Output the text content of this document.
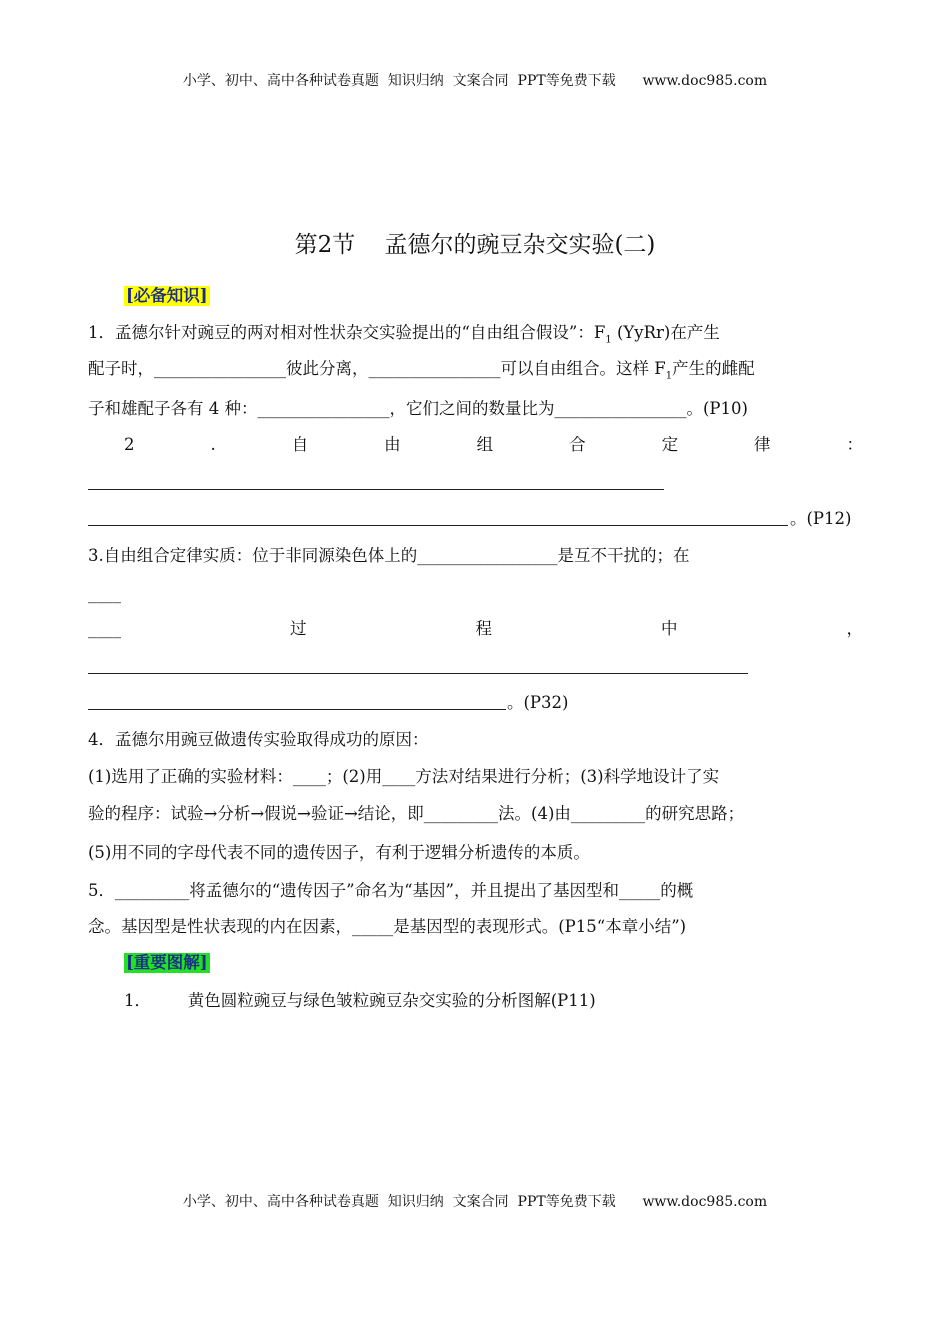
小学、初中、高中各种试卷真题  知识归纳  文案合同  PPT等免费下载      www.doc985.com
第2节    孟德尔的豌豆杂交实验(二)
[必备知识]
1．孟德尔针对豌豆的两对相对性状杂交实验提出的“自由组合假设”：$F_1$ (YyRr)在产生
配子时，________________彼此分离，________________可以自由组合。这样 $F_1$产生的雌配
子和雄配子各有 4 种：________________，它们之间的数量比为________________。(P10)
2	.	自	由	组	合	定	律	：
。(P12)
3.自由组合定律实质：位于非同源染色体上的_________________是互不干扰的；在
____
____	过	程	中	，
。(P32)
4．孟德尔用豌豆做遗传实验取得成功的原因：
(1)选用了正确的实验材料：____；(2)用____方法对结果进行分析；(3)科学地设计了实
验的程序：试验→分析→假说→验证→结论，即_________法。(4)由_________的研究思路；
(5)用不同的字母代表不同的遗传因子，有利于逻辑分析遗传的本质。
5．_________将孟德尔的“遗传因子”命名为“基因”，并且提出了基因型和_____的概
念。基因型是性状表现的内在因素，_____是基因型的表现形式。(P15“本章小结”)
[重要图解]
1．       黄色圆粒豌豆与绿色皱粒豌豆杂交实验的分析图解(P11)
小学、初中、高中各种试卷真题  知识归纳  文案合同  PPT等免费下载      www.doc985.com
